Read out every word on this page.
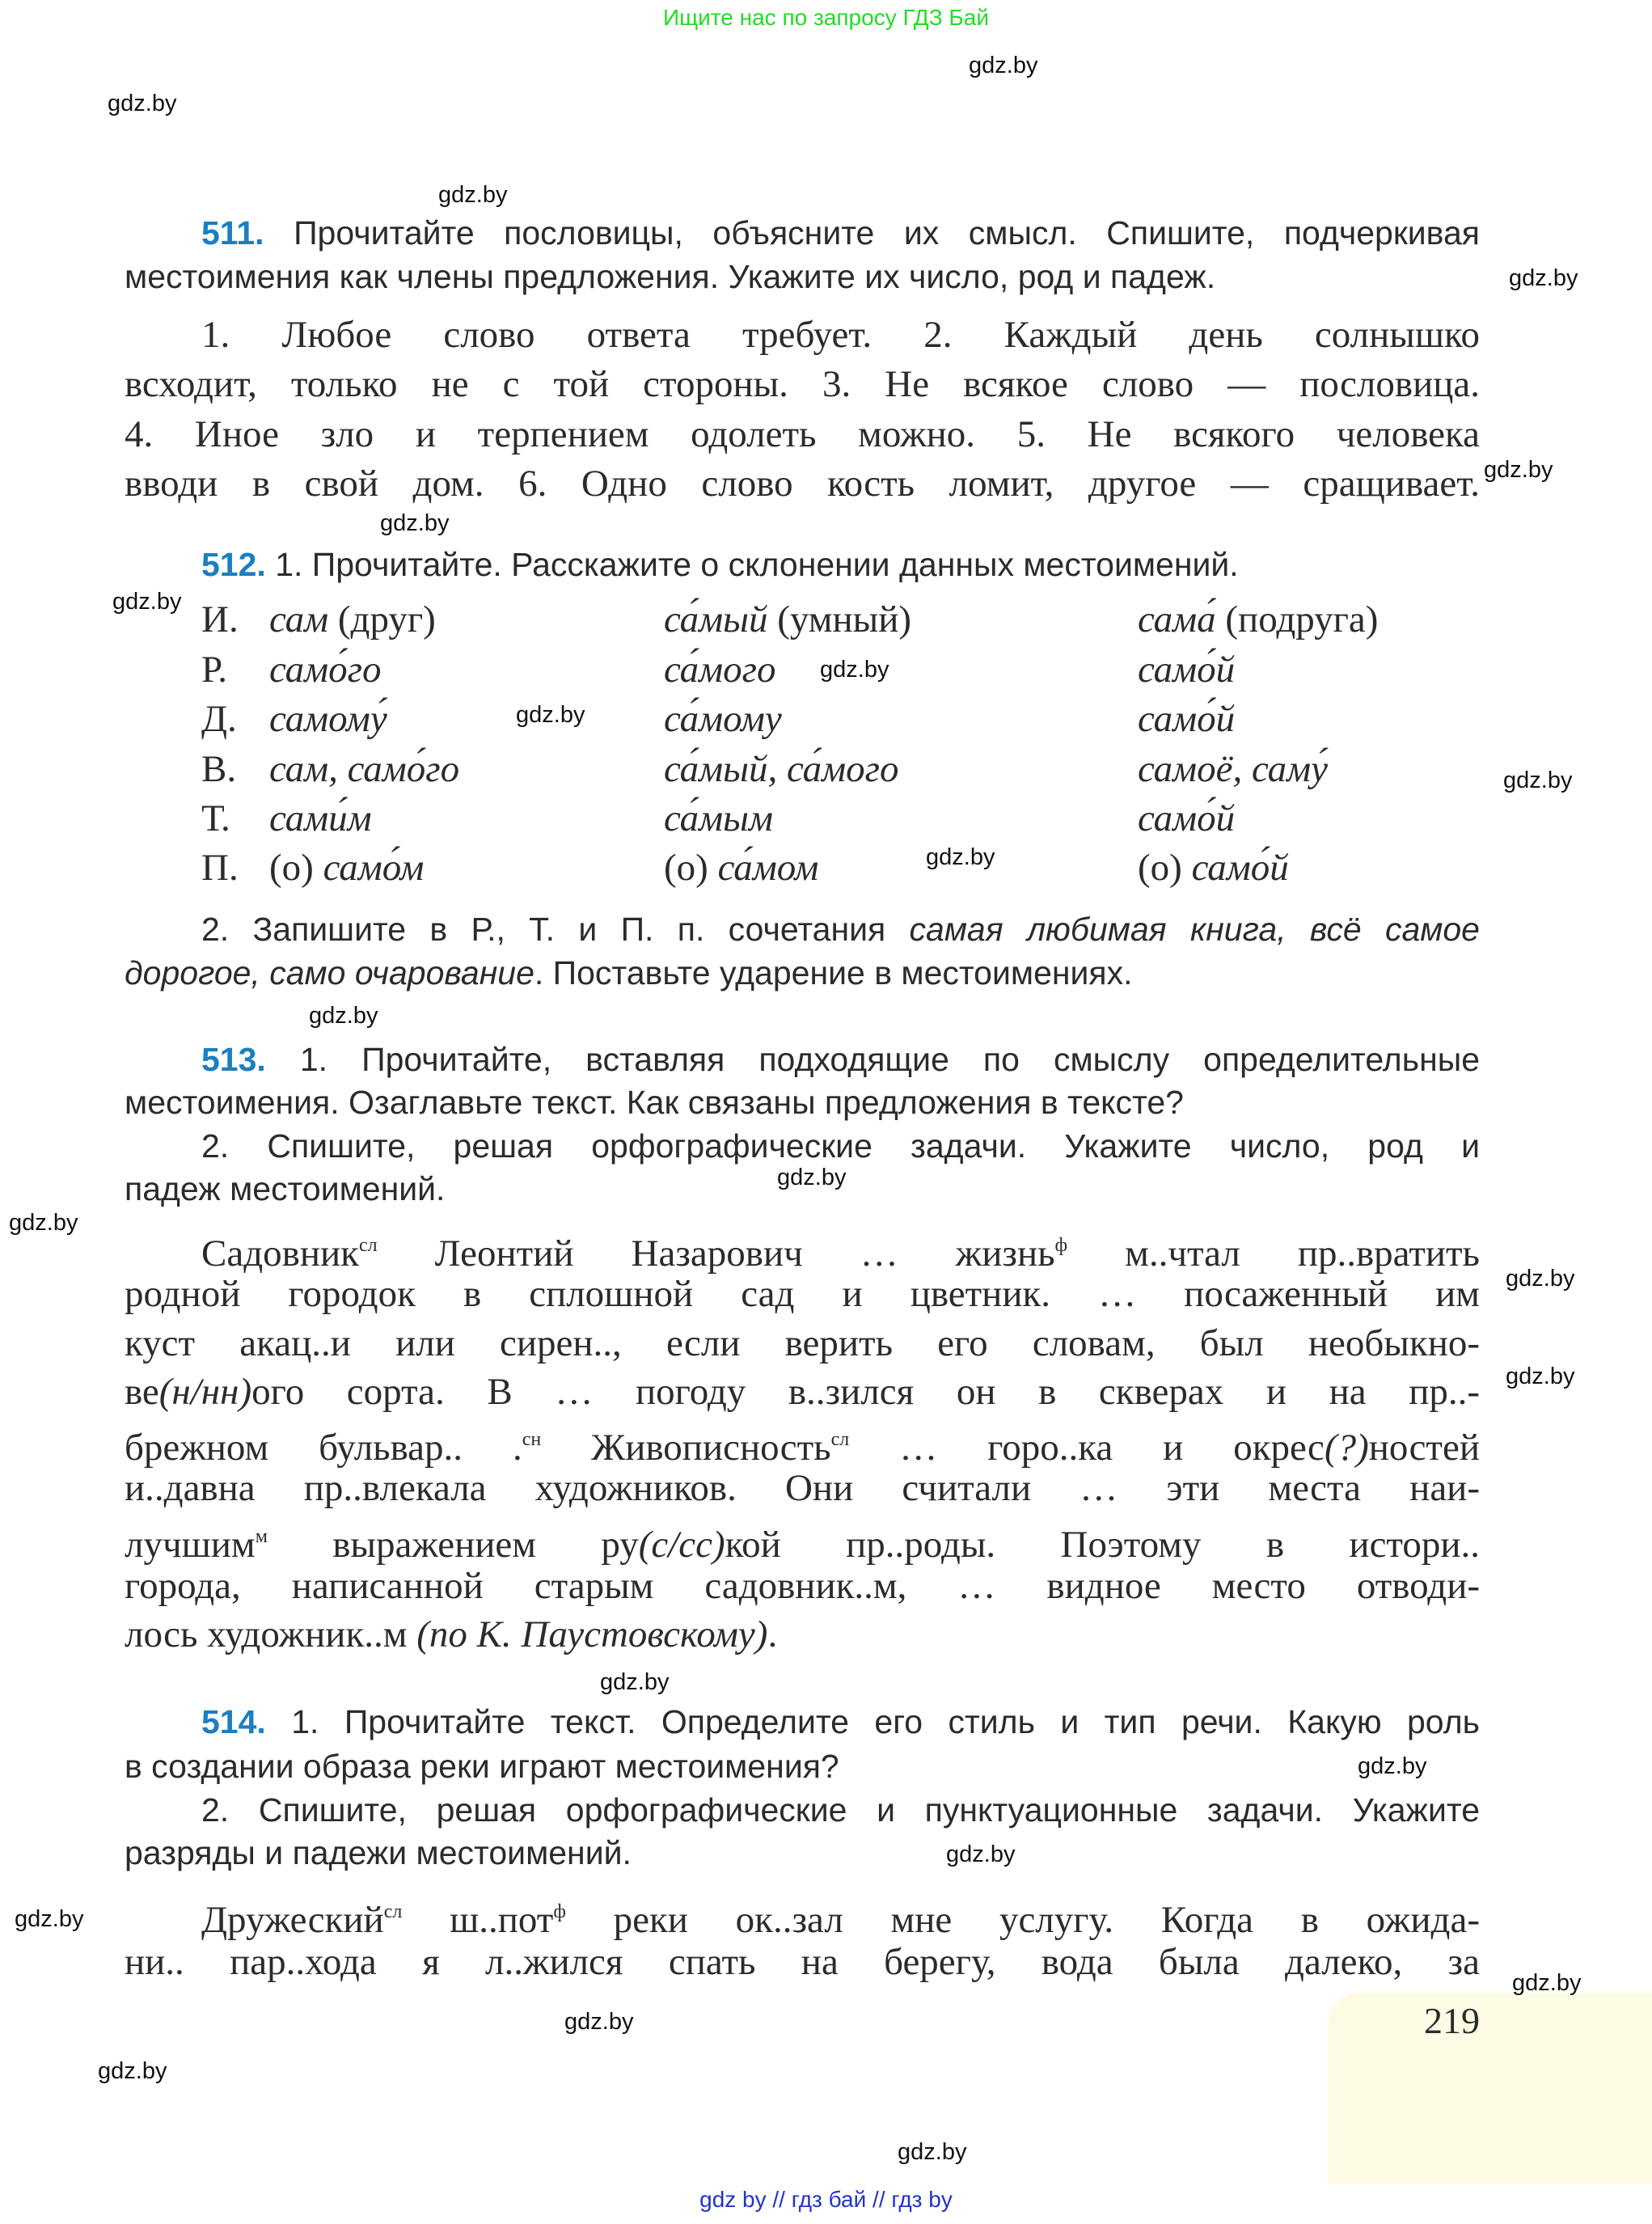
Ищите нас по запросу ГДЗ Бай
511. Прочитайте пословицы, объясните их смысл. Спишите, подчеркивая
местоимения как члены предложения. Укажите их число, род и падеж.
1. Любое слово ответа требует. 2. Каждый день солнышко
всходит, только не с той стороны. 3. Не всякое слово — пословица.
4. Иное зло и терпением одолеть можно. 5. Не всякого человека
вводи в свой дом. 6. Одно слово кость ломит, другое — сращивает.
512. 1. Прочитайте. Расскажите о склонении данных местоимений.
И. сам (друг)	са́мый (умный)	сама́ (подруга)
Р. само́го	са́мого	само́й
Д. самому́	са́мому	само́й
В. сам, само́го	са́мый, са́мого	самоё, саму́
Т. сами́м	са́мым	само́й
П. (о) само́м	(о) са́мом	(о) само́й
2. Запишите в Р., Т. и П. п. сочетания самая любимая книга, всё самое
дорогое, само очарование. Поставьте ударение в местоимениях.
513. 1. Прочитайте, вставляя подходящие по смыслу определительные
местоимения. Озаглавьте текст. Как связаны предложения в тексте?
2. Спишите, решая орфографические задачи. Укажите число, род и
падеж местоимений.
Садовник$^{сл}$ Леонтий Назарович … жизнь$^ф$ м..чтал пр..вратить
родной городок в сплошной сад и цветник. … посаженный им
куст акац..и или сирен.., если верить его словам, был необыкно-
ве(н/нн)ого сорта. В … погоду в..зился он в скверах и на пр..-
брежном бульвар.. .$^{сн}$ Живописность$^{сл}$ … горо..ка и окрес(?)ностей
и..давна пр..влекала художников. Они считали … эти места наи-
лучшим$^м$ выражением ру(с/сс)кой пр..роды. Поэтому в истори..
города, написанной старым садовник..м, … видное место отводи-
лось художник..м (по К. Паустовскому).
514. 1. Прочитайте текст. Определите его стиль и тип речи. Какую роль
в создании образа реки играют местоимения?
2. Спишите, решая орфографические и пунктуационные задачи. Укажите
разряды и падежи местоимений.
Дружеский$^{сл}$ ш..пот$^ф$ реки ок..зал мне услугу. Когда в ожида-
ни.. пар..хода я л..жился спать на берегу, вода была далеко, за
219
gdz.by
gdz.by
gdz.by
gdz.by
gdz.by
gdz.by
gdz.by
gdz.by
gdz.by
gdz.by
gdz.by
gdz.by
gdz.by
gdz.by
gdz.by
gdz.by
gdz.by
gdz.by
gdz.by
gdz.by
gdz.by
gdz.by
gdz.by
gdz.by
gdz by // гдз бай // гдз by
